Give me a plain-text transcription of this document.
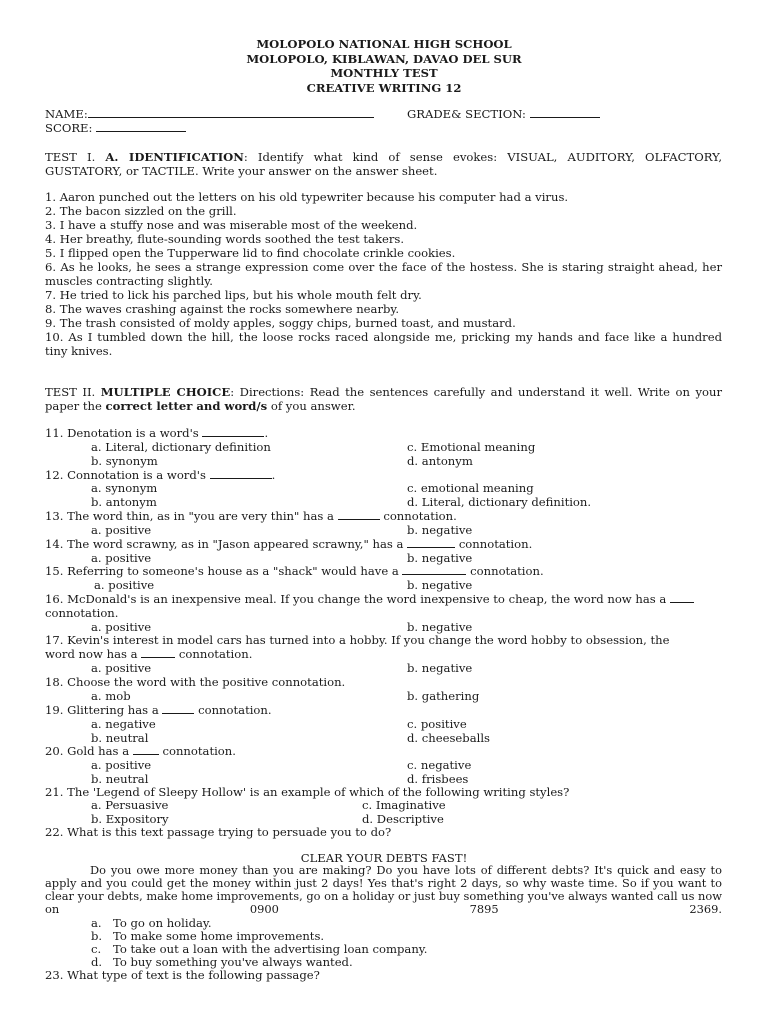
MOLOPOLO NATIONAL HIGH SCHOOL
MOLOPOLO, KIBLAWAN, DAVAO DEL SUR
MONTHLY TEST
CREATIVE WRITING 12
NAME:	GRADE& SECTION:
SCORE:
TEST I. A. IDENTIFICATION: Identify what kind of sense evokes: VISUAL, AUDITORY, OLFACTORY, GUSTATORY, or TACTILE. Write your answer on the answer sheet.
1. Aaron punched out the letters on his old typewriter because his computer had a virus.
2. The bacon sizzled on the grill.
3. I have a stuffy nose and was miserable most of the weekend.
4. Her breathy, flute-sounding words soothed the test takers.
5. I flipped open the Tupperware lid to find chocolate crinkle cookies.
6. As he looks, he sees a strange expression come over the face of the hostess. She is staring straight ahead, her muscles contracting slightly.
7. He tried to lick his parched lips, but his whole mouth felt dry.
8. The waves crashing against the rocks somewhere nearby.
9. The trash consisted of moldy apples, soggy chips, burned toast, and mustard.
10. As I tumbled down the hill, the loose rocks raced alongside me, pricking my hands and face like a hundred tiny knives.
TEST II. MULTIPLE CHOICE: Directions: Read the sentences carefully and understand it well. Write on your paper the correct letter and word/s of you answer.
11. Denotation is a word's	.
a. Literal, dictionary definition	c. Emotional meaning
b. synonym	d. antonym
12. Connotation is a word's	.
a. synonym	c. emotional meaning
b. antonym	d. Literal, dictionary definition.
13. The word thin, as in "you are very thin" has a	connotation.
a. positive	b. negative
14. The word scrawny, as in "Jason appeared scrawny," has a	connotation.
a. positive	b. negative
15. Referring to someone's house as a "shack" would have a	connotation.
a. positive	b. negative
16. McDonald's is an inexpensive meal. If you change the word inexpensive to cheap, the word now has a
connotation.
a. positive	b. negative
17. Kevin's interest in model cars has turned into a hobby. If you change the word hobby to obsession, the
word now has a	connotation.
a. positive	b. negative
18. Choose the word with the positive connotation.
a. mob	b. gathering
19. Glittering has a	connotation.
a. negative	c. positive
b. neutral	d. cheeseballs
20. Gold has a	connotation.
a. positive	c. negative
b. neutral	d. frisbees
21. The 'Legend of Sleepy Hollow' is an example of which of the following writing styles?
a. Persuasive	c. Imaginative
b. Expository	d. Descriptive
22. What is this text passage trying to persuade you to do?
CLEAR YOUR DEBTS FAST!
Do you owe more money than you are making? Do you have lots of different debts? It's quick and easy to apply and you could get the money within just 2 days! Yes that's right 2 days, so why waste time. So if you want to clear your debts, make home improvements, go on a holiday or just buy something you've always wanted call us now on 0900 7895 2369.
a. To go on holiday.
b. To make some home improvements.
c. To take out a loan with the advertising loan company.
d. To buy something you've always wanted.
23. What type of text is the following passage?
